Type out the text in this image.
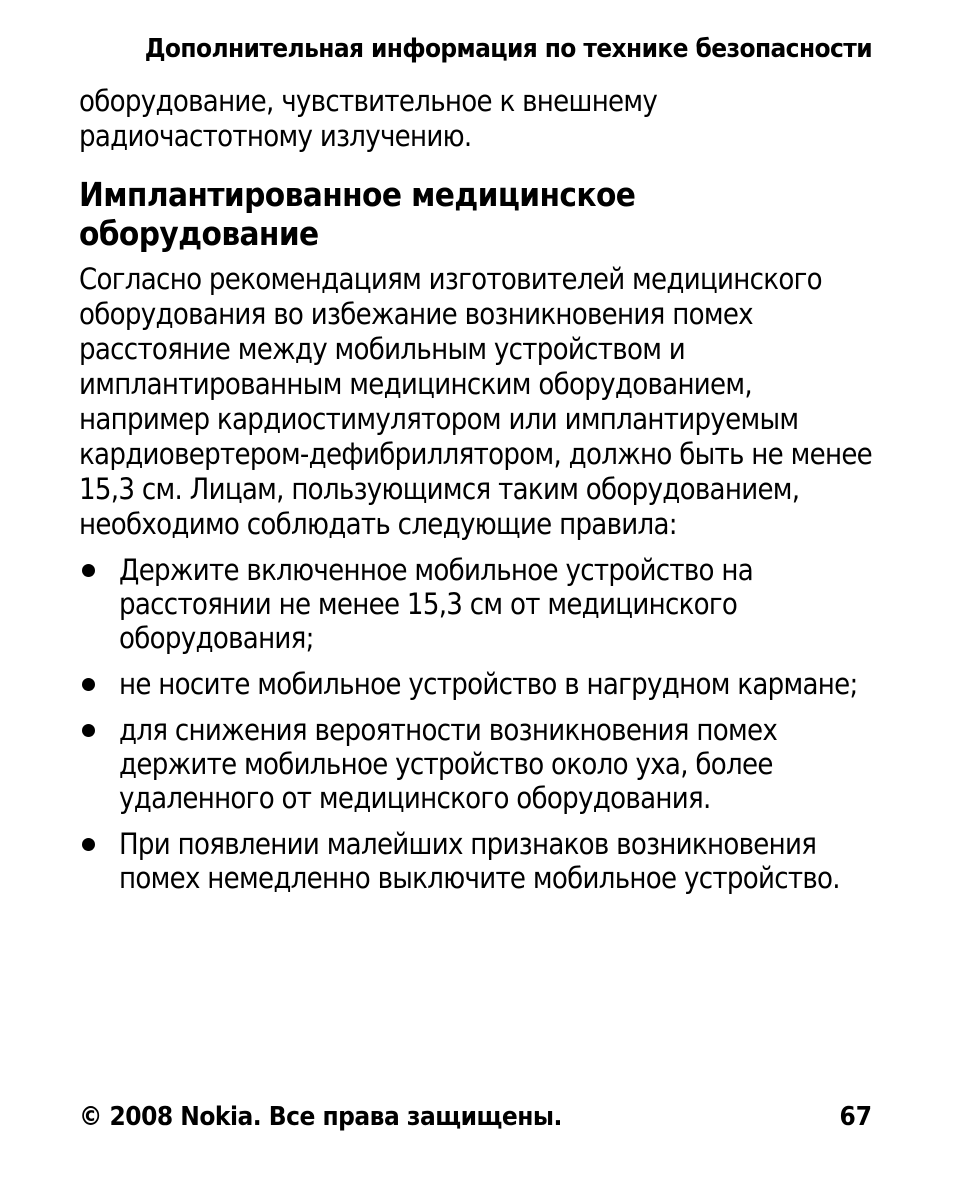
Дополнительная информация по технике безопасности

оборудование, чувствительное к внешнему радиочастотному излучению.

Имплантированное медицинское оборудование

Согласно рекомендациям изготовителей медицинского оборудования во избежание возникновения помех расстояние между мобильным устройством и имплантированным медицинским оборудованием, например кардиостимулятором или имплантируемым кардиовертером-дефибриллятором, должно быть не менее 15,3 см. Лицам, пользующимся таким оборудованием, необходимо соблюдать следующие правила:

Держите включенное мобильное устройство на расстоянии не менее 15,3 см от медицинского оборудования;
не носите мобильное устройство в нагрудном кармане;
для снижения вероятности возникновения помех держите мобильное устройство около уха, более удаленного от медицинского оборудования.
При появлении малейших признаков возникновения помех немедленно выключите мобильное устройство.
© 2008 Nokia. Все права защищены.	67
